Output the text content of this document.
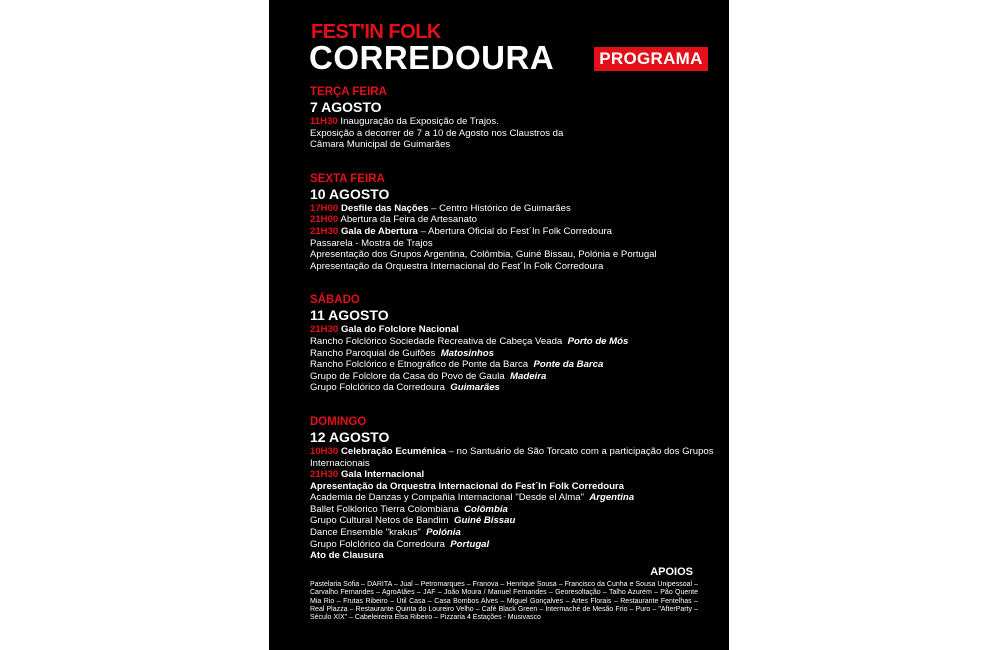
FEST'IN FOLK
CORREDOURA	PROGRAMA
TERÇA FEIRA
7 AGOSTO
11H30 Inauguração da Exposição de Trajos.
Exposição a decorrer de 7 a 10 de Agosto nos Claustros da
Câmara Municipal de Guimarães
SEXTA FEIRA
10 AGOSTO
17H00 Desfile das Nações – Centro Histórico de Guimarães
21H00 Abertura da Feira de Artesanato
21H30 Gala de Abertura – Abertura Oficial do Fest´In Folk Corredoura
Passarela - Mostra de Trajos
Apresentação dos Grupos Argentina, Colômbia, Guiné Bissau, Polónia e Portugal
Apresentação da Orquestra Internacional do Fest´In Folk Corredoura
SÁBADO
11 AGOSTO
21H30 Gala do Folclore Nacional
Rancho Folclórico Sociedade Recreativa de Cabeça Veada Porto de Mós
Rancho Paroquial de Guifões Matosinhos
Rancho Folclórico e Etnográfico de Ponte da Barca Ponte da Barca
Grupo de Folclore da Casa do Povo de Gaula Madeira
Grupo Folclórico da Corredoura Guimarães
DOMINGO
12 AGOSTO
10H30 Celebração Ecuménica – no Santuário de São Torcato com a participação dos Grupos Internacionais
21H30 Gala Internacional
Apresentação da Orquestra Internacional do Fest´In Folk Corredoura
Academia de Danzas y Compañia Internacional "Desde el Alma" Argentina
Ballet Folklorico Tierra Colombiana Colômbia
Grupo Cultural Netos de Bandim Guiné Bissau
Dance Ensemble "krakus" Polónia
Grupo Folclórico da Corredoura Portugal
Ato de Clausura
APOIOS
Pastelaria Sofia – DARITA – Jual – Petromarques – Franova – Henrique Sousa – Francisco da Cunha e Sousa Unipessoal – Carvalho Fernandes – AgroAtães – JAF – João Moura / Manuel Fernandes – Georesoltação – Talho Azurém – Pão Quente Mia Rio – Frutas Ribeiro – Útil Casa – Casa Bombos Alves – Miguel Gonçalves – Artes Florais – Restaurante Fentelhas – Real Plazza – Restaurante Quinta do Loureiro Velho – Café Black Green – Intermaché de Mesão Frio – Puro – "AfterParty – Século XIX" – Cabeleireira Elsa Ribeiro – Pizzaria 4 Estações - Musivasco
